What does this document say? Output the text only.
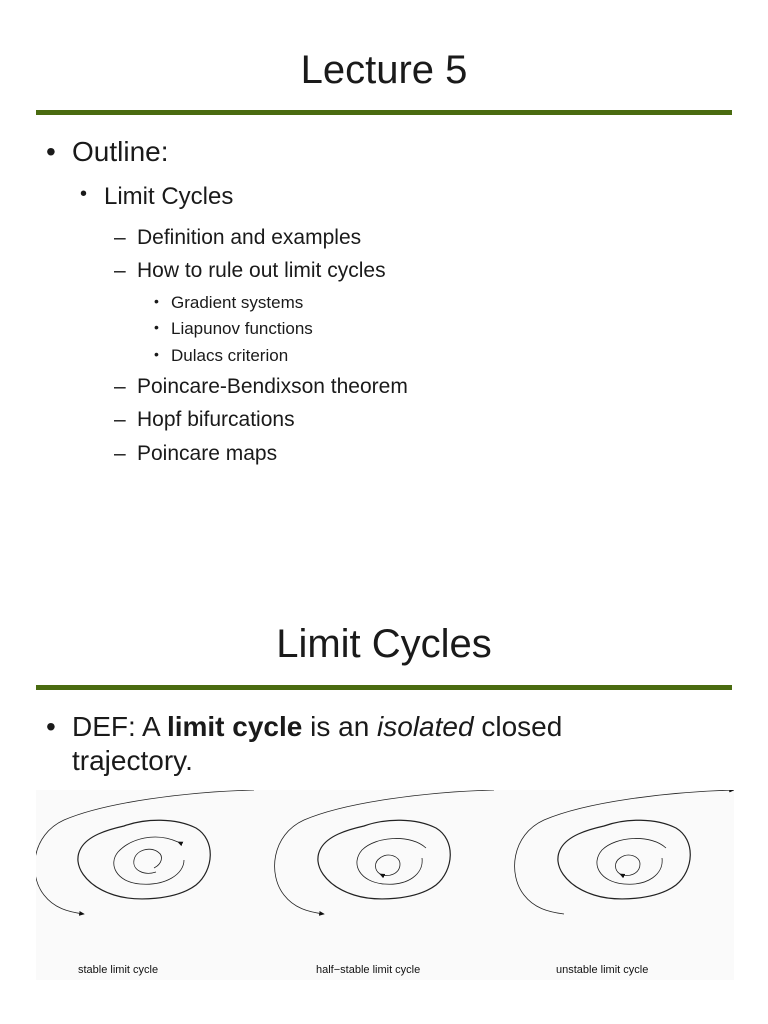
Lecture 5
• Outline:
• Limit Cycles
– Definition and examples
– How to rule out limit cycles
• Gradient systems
• Liapunov functions
• Dulacs criterion
– Poincare-Bendixson theorem
– Hopf bifurcations
– Poincare maps
Limit Cycles
• DEF: A limit cycle is an isolated closed trajectory.
stable limit cycle	half−stable limit cycle	unstable limit cycle
